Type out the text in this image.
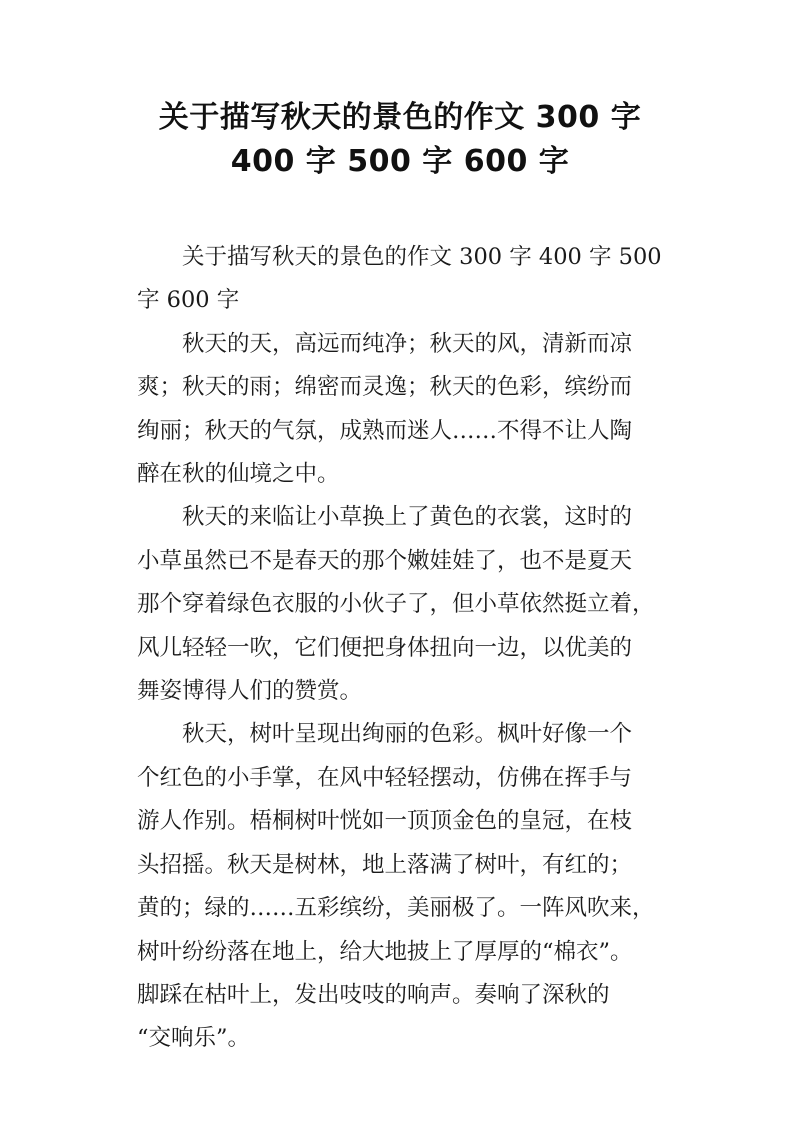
关于描写秋天的景色的作文 300 字
400 字 500 字 600 字

关于描写秋天的景色的作文 300 字 400 字 500
字 600 字

秋天的天，高远而纯净；秋天的风，清新而凉
爽；秋天的雨；绵密而灵逸；秋天的色彩，缤纷而
绚丽；秋天的气氛，成熟而迷人……不得不让人陶
醉在秋的仙境之中。

秋天的来临让小草换上了黄色的衣裳，这时的
小草虽然已不是春天的那个嫩娃娃了，也不是夏天
那个穿着绿色衣服的小伙子了，但小草依然挺立着，
风儿轻轻一吹，它们便把身体扭向一边，以优美的
舞姿博得人们的赞赏。

秋天，树叶呈现出绚丽的色彩。枫叶好像一个
个红色的小手掌，在风中轻轻摆动，仿佛在挥手与
游人作别。梧桐树叶恍如一顶顶金色的皇冠，在枝
头招摇。秋天是树林，地上落满了树叶，有红的；
黄的；绿的……五彩缤纷，美丽极了。一阵风吹来，
树叶纷纷落在地上，给大地披上了厚厚的“棉衣”。
脚踩在枯叶上，发出吱吱的响声。奏响了深秋的
“交响乐”。
